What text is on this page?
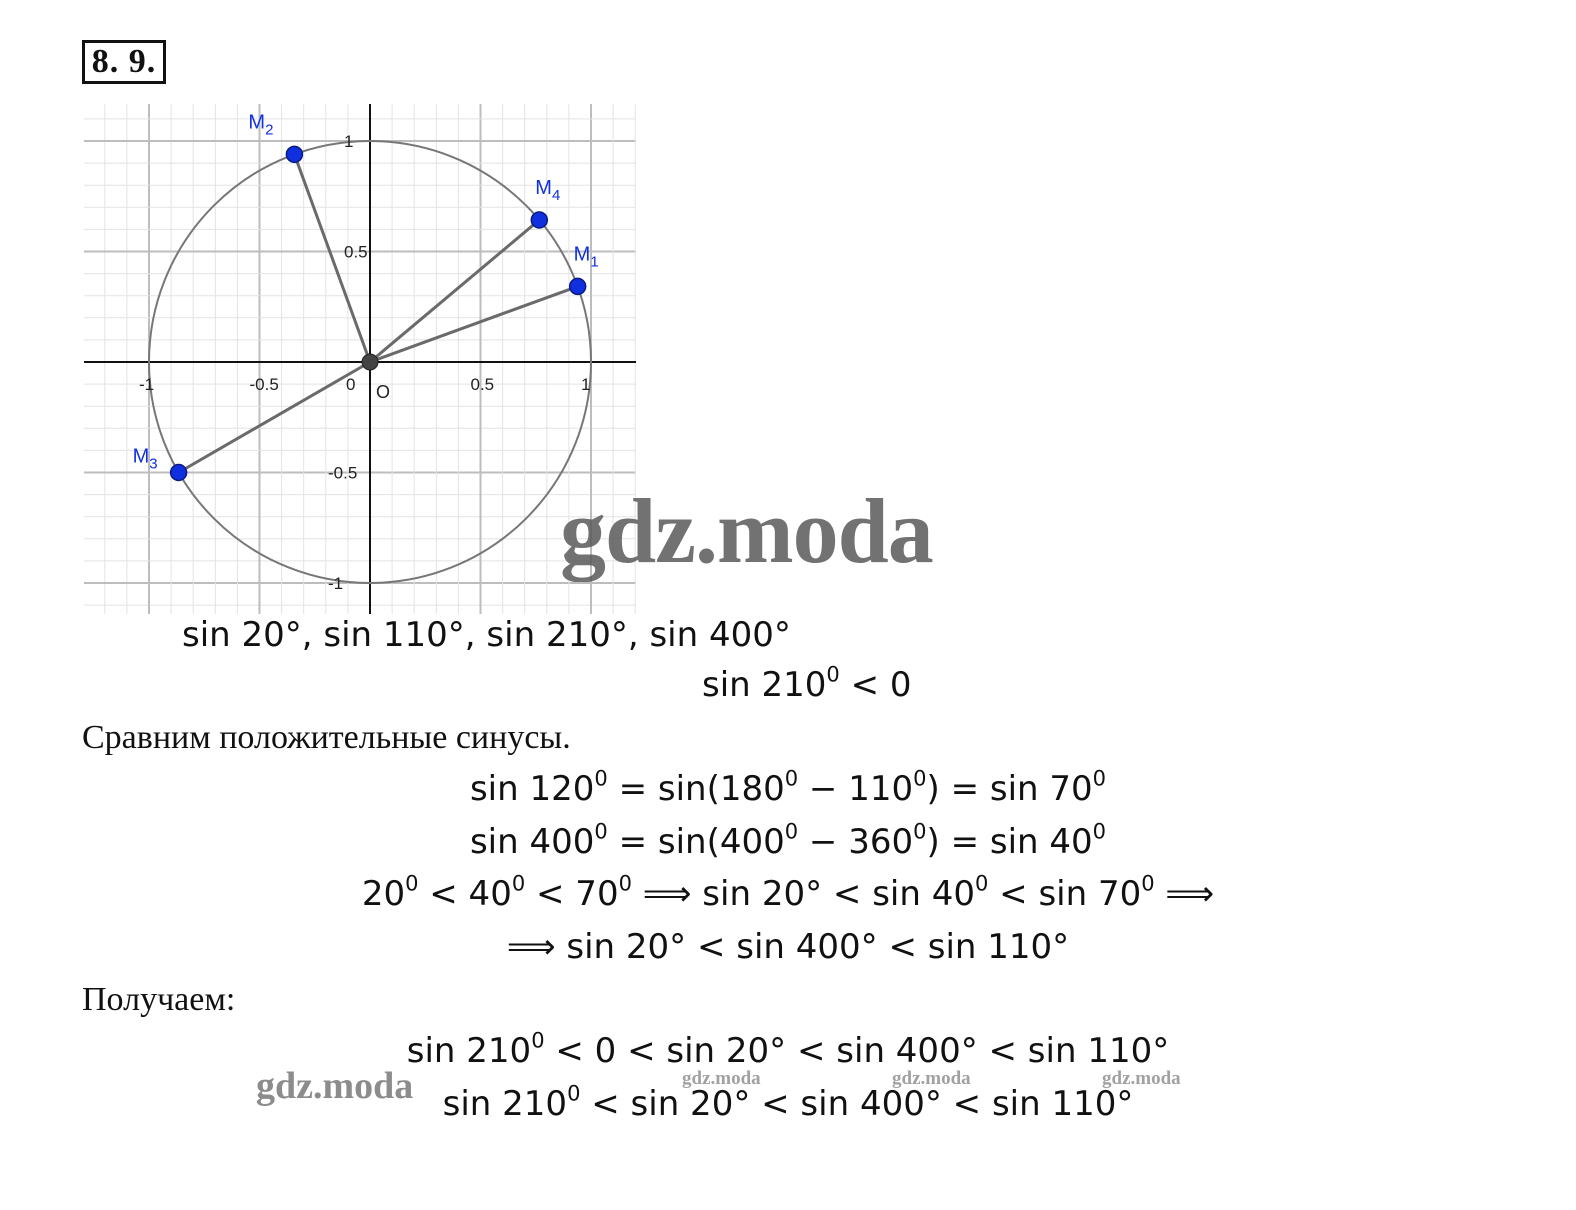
8. 9.
-1	-0.5	0	0.5	1
1
0.5
-0.5
-1
$M_1$
$M_2$
$M_3$
$M_4$
O
gdz.moda
sin 20°, sin 110°, sin 210°, sin 400°
$\sin 210^0 < 0$
Сравним положительные синусы.
$\sin 120^0 = \sin(180^0 - 110^0) = \sin 70^0$
$\sin 400^0 = \sin(400^0 - 360^0) = \sin 40^0$
$20^0 < 40^0 < 70^0$ ⟹ $\sin 20^\circ < \sin 40^0 < \sin 70^0$ ⟹
⟹ sin 20° < sin 400° < sin 110°
Получаем:
$\sin 210^0 < 0 < \sin 20^\circ < \sin 400^\circ < \sin 110^\circ$
$\sin 210^0 < \sin 20^\circ < \sin 400^\circ < \sin 110^\circ$
gdz.moda	gdz.moda	gdz.moda	gdz.moda
